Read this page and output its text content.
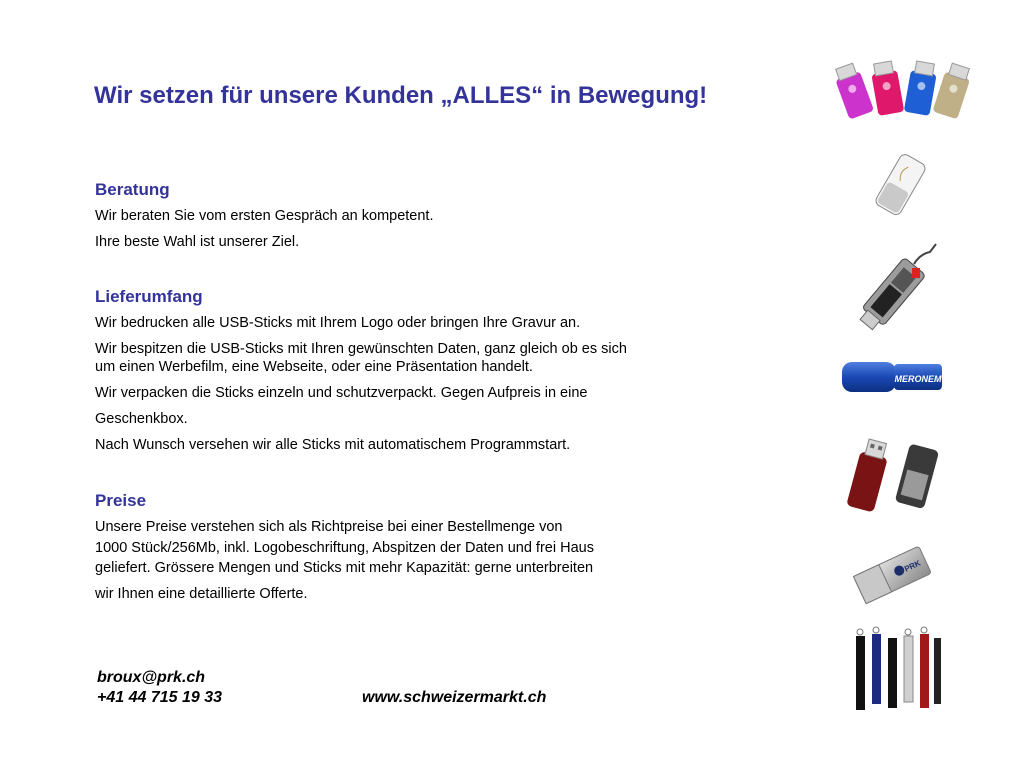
Wir setzen für unsere Kunden „ALLES“ in Bewegung!
Beratung
Wir beraten Sie vom ersten Gespräch an kompetent.
Ihre beste Wahl ist unserer Ziel.
Lieferumfang
Wir bedrucken alle USB-Sticks mit Ihrem Logo oder bringen Ihre Gravur an.
Wir bespitzen die USB-Sticks mit Ihren gewünschten Daten, ganz gleich ob es sich
um einen Werbefilm, eine Webseite, oder eine Präsentation handelt.
Wir verpacken die Sticks einzeln und schutzverpackt. Gegen Aufpreis in eine
Geschenkbox.
Nach Wunsch versehen wir alle Sticks mit automatischem Programmstart.
Preise
Unsere Preise verstehen sich als Richtpreise bei einer Bestellmenge von
1000 Stück/256Mb, inkl. Logobeschriftung, Abspitzen der Daten und frei Haus
geliefert. Grössere Mengen und Sticks mit mehr Kapazität: gerne unterbreiten
wir Ihnen eine detaillierte Offerte.
broux@prk.ch
+41 44 715 19 33	www.schweizermarkt.ch
MERONEM
PRK
